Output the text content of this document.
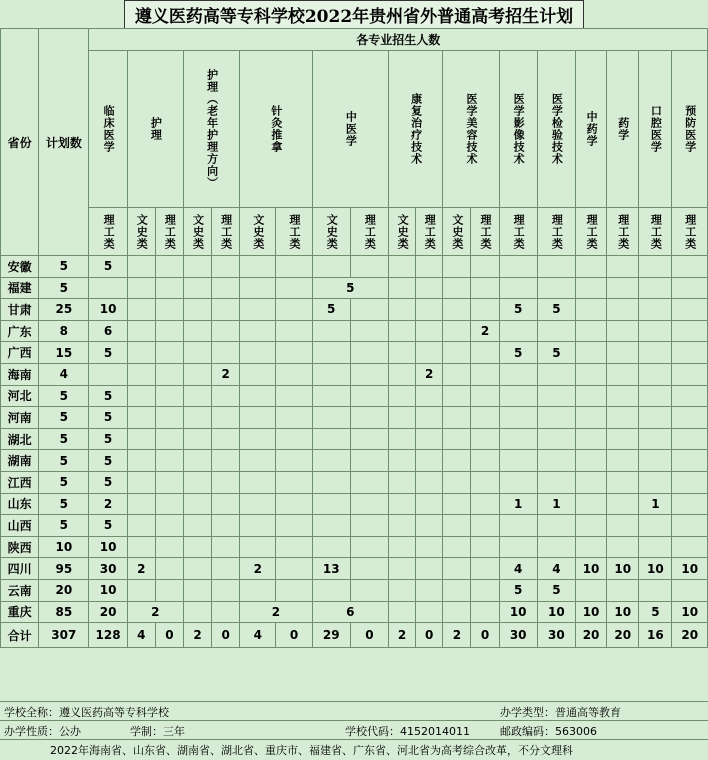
遵义医药高等专科学校2022年贵州省外普通高考招生计划
省份	计划数	各专业招生人数																		

		临床医学	护理		护理（老年护理方向）		针灸推拿		中医学		康复治疗技术		医学美容技术		医学影像技术	医学检验技术	中药学	药学	口腔医学	预防医学

		理工类	文史类	理工类	文史类	理工类	文史类	理工类	文史类	理工类	文史类	理工类	文史类	理工类	理工类	理工类	理工类	理工类	理工类	理工类

安徽	5	5																		
福建	5								5											
甘肃	25	10							5						5	5				
广东	8	6												2						
广西	15	5													5	5				
海南	4					2						2								
河北	5	5																		
河南	5	5																		
湖北	5	5																		
湖南	5	5																		
江西	5	5																		
山东	5	2													1	1			1	
山西	5	5																		
陕西	10	10																		
四川	95	30	2				2		13						4	4	10	10	10	10
云南	20	10													5	5				
重庆	85	20	2				2		6						10	10	10	10	5	10
合计	307	128	4	0	2	0	4	0	29	0	2	0	2	0	30	30	20	20	16	20
学校全称：遵义医药高等专科学校	办学类型：普通高等教育
办学性质：公办	学制：三年	学校代码：4152014011	邮政编码：563006
2022年海南省、山东省、湖南省、湖北省、重庆市、福建省、广东省、河北省为高考综合改革，不分文理科
